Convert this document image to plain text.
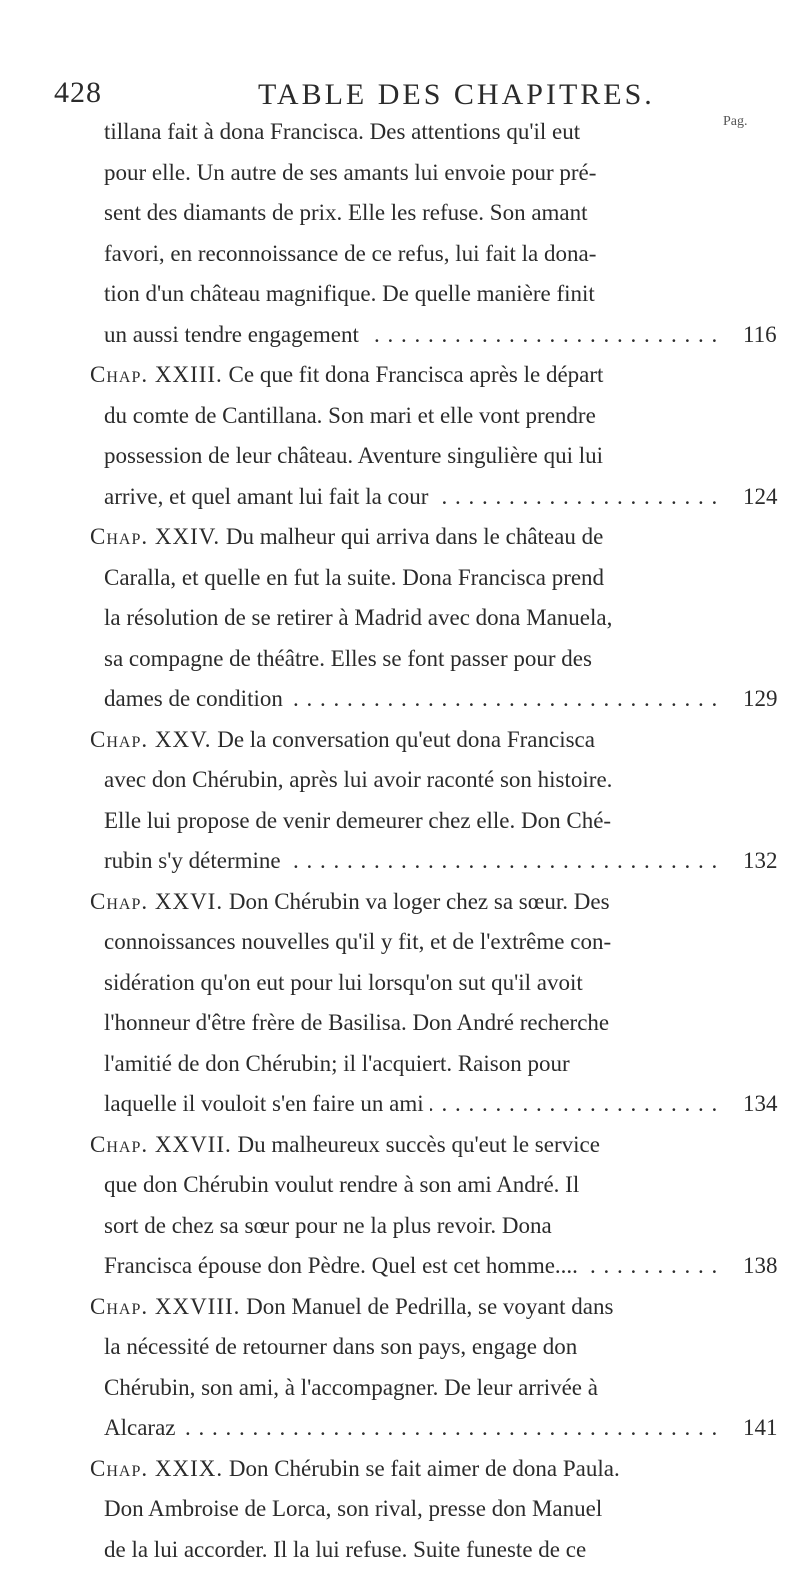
428	TABLE DES CHAPITRES.
Pag.
tillana fait à dona Francisca. Des attentions qu'il eut
pour elle. Un autre de ses amants lui envoie pour pré-
sent des diamants de prix. Elle les refuse. Son amant
favori, en reconnoissance de ce refus, lui fait la dona-
tion d'un château magnifique. De quelle manière finit
un aussi tendre engagement . . .	116
Chap. XXIII. Ce que fit dona Francisca après le départ
du comte de Cantillana. Son mari et elle vont prendre
possession de leur château. Aventure singulière qui lui
arrive, et quel amant lui fait la cour . . .	124
Chap. XXIV. Du malheur qui arriva dans le château de
Caralla, et quelle en fut la suite. Dona Francisca prend
la résolution de se retirer à Madrid avec dona Manuela,
sa compagne de théâtre. Elles se font passer pour des
dames de condition . . .	129
Chap. XXV. De la conversation qu'eut dona Francisca
avec don Chérubin, après lui avoir raconté son histoire.
Elle lui propose de venir demeurer chez elle. Don Ché-
rubin s'y détermine . . .	132
Chap. XXVI. Don Chérubin va loger chez sa sœur. Des
connoissances nouvelles qu'il y fit, et de l'extrême con-
sidération qu'on eut pour lui lorsqu'on sut qu'il avoit
l'honneur d'être frère de Basilisa. Don André recherche
l'amitié de don Chérubin; il l'acquiert. Raison pour
laquelle il vouloit s'en faire un ami . . .	134
Chap. XXVII. Du malheureux succès qu'eut le service
que don Chérubin voulut rendre à son ami André. Il
sort de chez sa sœur pour ne la plus revoir. Dona
Francisca épouse don Pèdre. Quel est cet homme.... . . .	138
Chap. XXVIII. Don Manuel de Pedrilla, se voyant dans
la nécessité de retourner dans son pays, engage don
Chérubin, son ami, à l'accompagner. De leur arrivée à
Alcaraz . . .	141
Chap. XXIX. Don Chérubin se fait aimer de dona Paula.
Don Ambroise de Lorca, son rival, presse don Manuel
de la lui accorder. Il la lui refuse. Suite funeste de ce
